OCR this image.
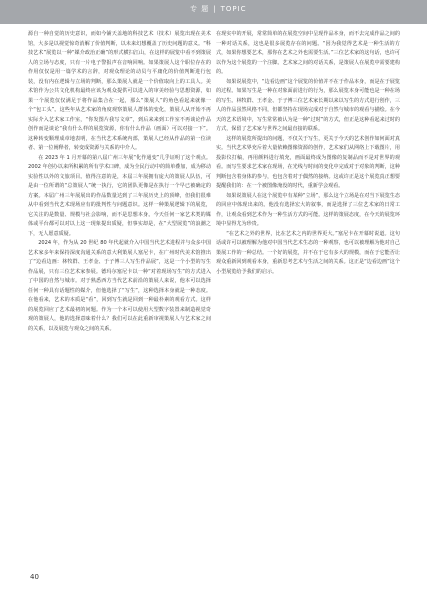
专 题 | TOPIC

源自一种自觉的历史意识，而如今铺天盖地的科技艺术（技术）展览出现在美术馆，大多是以视觉惊奇消解了价值判断，以未来幻想覆盖了历史问题的意义。“科技艺术”展览以一种“媒介政治正确”的形式横扫江山，在这样的展览中看不到策展人的立场与态度，只有一片电子警报声在音响回响。如果策展人这个职位存在的作用仅仅是用一篇学术的言辞，对观众理论的动员与平庸化的价值判断进行包装，没有内在逻辑与立场的判断，那么策展人就是一个价值取向上的工具人。美术馆作为公共文化机构最终应该为观众提供可以进入的审美经验与思想资源，如果一个展览仅仅满足于将作品集合在一起，那么“策展人”的角色看起来就像一个“包工头”。这些年从艺术家的角度观察策展人群体的变化，策展人从开始不再实际介入艺术家工作室，“你发图片我写文章”，到后来来到工作室不再谈论作品创作而是谈论“我有什么样的展览资源，你有什么作品（画面）可以对接一下”。这种转变顺理成章地表明，在当代艺术系统内部，策展人已经从作品的第一位读者、第一位阐释者，转变成资源与关系的中介人。

在 2023 年 1 月开幕的第八届广州三年展“化作通变”几乎证明了这个观点。2002 年创办以来所积累的所有学术口碑，成为全民行动中的简单叠加，成为移动实验性以外的文旅项目。值得注意的是，本届三年展拥有庞大的策展人队伍，可是由一位所谓的“总策展人”统一执行，它的团队更像是在执行一个早已被确定的方案。本届广州三年展展出的作品数量达到了三年展历史上的顶峰，但我们很难从中看到当代艺术现场应有的批判性与问题意识。这样一种策展逻辑下的展览，它关注的是数量、规模与社会影响，而不是思想本身。今天任何一家艺术类的媒体或平台都可以对以上这一现象提出质疑，但事实却是，在“大型展览”的浪潮之下，无人愿意质疑。

2024 年，作为从 20 世纪 80 年代起就介入中国当代艺术进程并与众多中国艺术家多年来保持深度沟通关系的意大利策展人塞尼卡，在广州时代美术馆推出了“边看边画：林牧群、王孝金、于子博三人写生作品展”，这是一个小型的写生作品展，只有三位艺术家参展。德玛尔塞尼卡以一种“对着现场写生”的方式进入了中国的自然与城市。对于熟悉西方当代艺术前沿的策展人来说，他本可以选择任何一种具有话题性的媒介，但他选择了“写生”，这种选择本身就是一种态度。在他看来，艺术的本质是“看”，回到写生就是回到一种最朴素的观看方式。这样的展览回应了艺术最初的问题。作为一个本可以使用大型数字装置来制造视觉奇观的策展人，他的选择意味着什么？我们可以在此重新审视策展人与艺术家之间的关系，以及展览与观众之间的关系。

在现实中的开展，常常简单的在展览空间中呈现作品本身，而不去完成作品之间的一种对话关系，这也是很多展览存在的问题。“因为我觉得艺术是一种生活的方式，如果你想要艺术，那你在艺术之外也需要生活。”三位艺术家的这句话，也许可以作为这个展览的一个注脚。艺术家之间的对话关系，是策展人在展览中需要建构的。

如果说展览中，“边看边画”这个展览的价值并不在于作品本身，而是在于展览的过程。如果写生是一种在对象面前进行的行为，那么展览本身可能也是一种在场的写生。林牧群、王孝金、于子博三位艺术家长期以来以写生的方式进行创作，三人的作品虽然风格不同，但都坚持在现场完成对于自然与城市的观看与描绘。在今天的艺术语境中，写生常常被认为是一种“过时”的方式，但正是这种看起来过时的方式，保留了艺术家与世界之间最直接的联系。

这样的展览所提出的问题，不仅关于写生，更关于今天的艺术创作如何面对真实。当代艺术界充斥着大量依赖图像资源的创作，艺术家们从网络上下载图片，用投影仪打稿，再用颜料进行填充，画面最终成为图像的复制品而不是对世界的观看。而写生要求艺术家在现场，在光线与时间的变化中完成对于对象的判断，这种判断包含着身体的参与，也包含着对于偶然的接纳。这或许正是这个展览真正想要提醒我们的：在一个被图像淹没的时代，重新学会观看。

如果说策展人在这个展览中有某种“立场”，那么这个立场是在对当下展览生态的回应中体现出来的。他没有选择宏大的叙事，而是选择了三位艺术家的日常工作，让观众看到艺术作为一种生活方式的可能。这样的策展态度，在今天的展览环境中显得尤为珍贵。

“在艺术之外的世界，比在艺术之内的世界更大。”塞尼卡在开幕时说道。这句话或许可以被理解为他对中国当代艺术生态的一种观察，也可以被理解为他对自己策展工作的一种总结。一个好的展览，并不在于它有多大的规模，而在于它能否让观众重新回到观看本身，重新思考艺术与生活之间的关系。这正是“边看边画”这个小型展览给予我们的启示。

40
